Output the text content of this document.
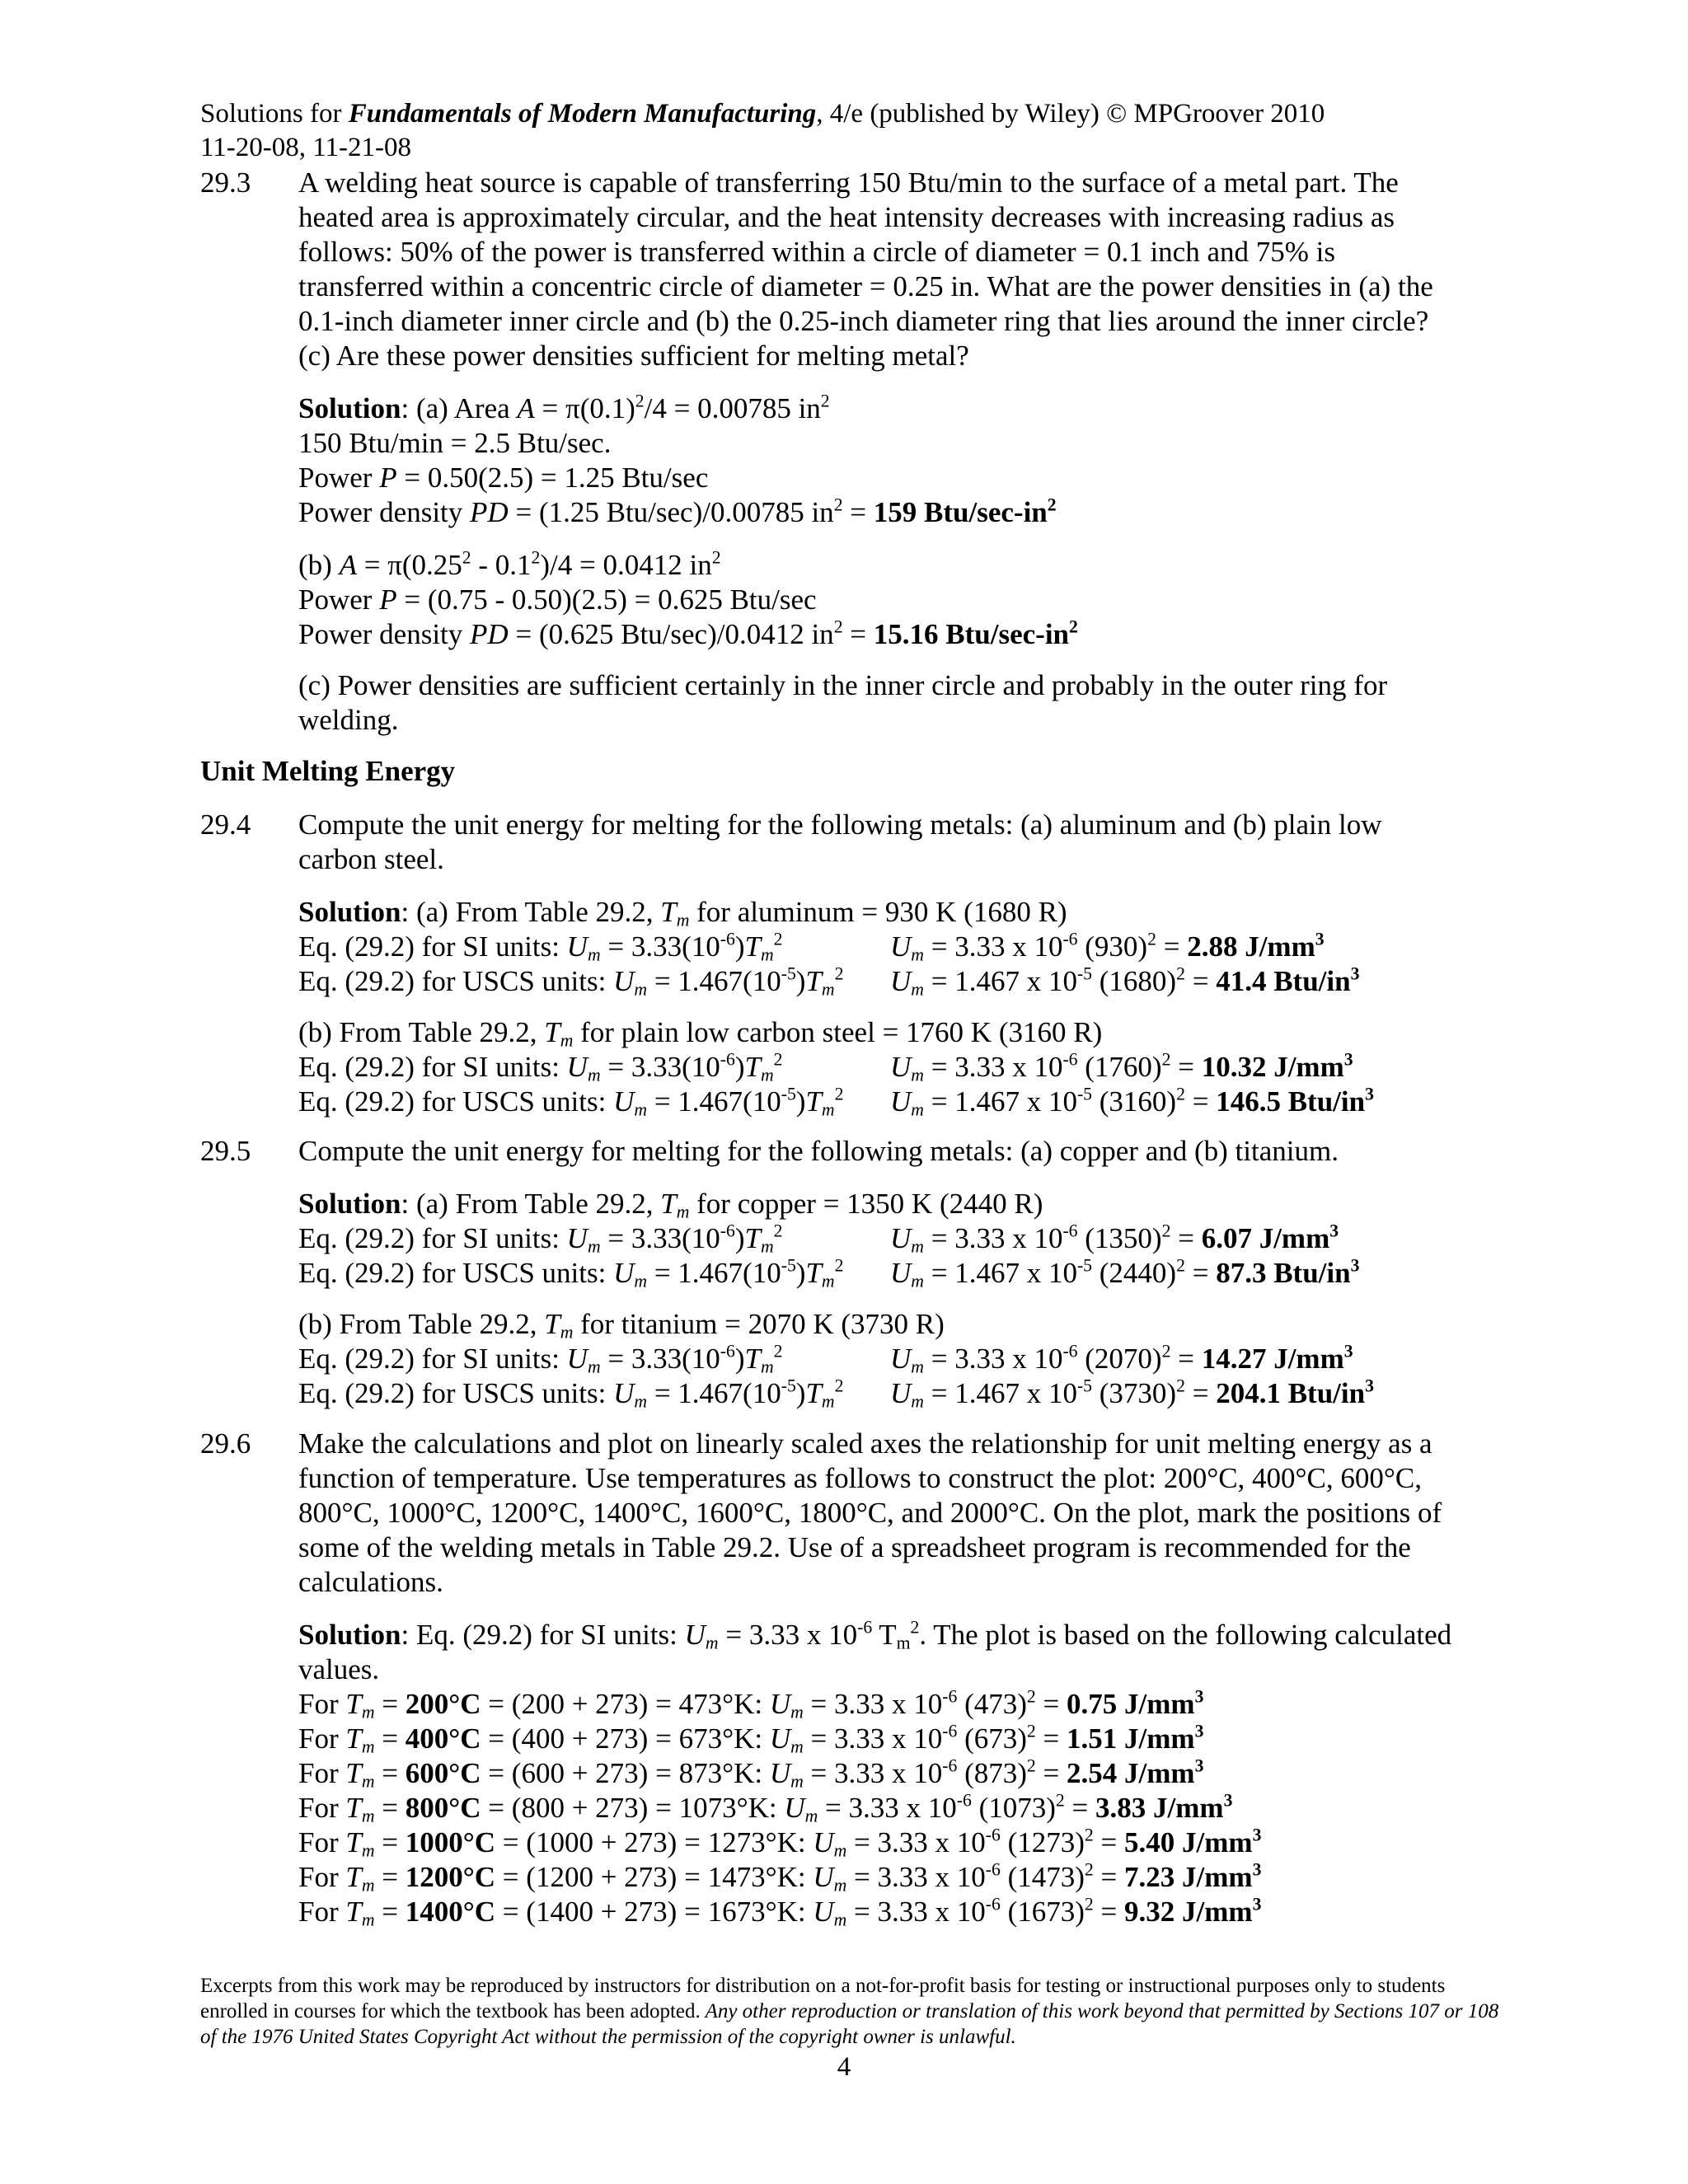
Solutions for Fundamentals of Modern Manufacturing, 4/e (published by Wiley) © MPGroover 2010
11-20-08, 11-21-08
29.3 A welding heat source is capable of transferring 150 Btu/min to the surface of a metal part. The
heated area is approximately circular, and the heat intensity decreases with increasing radius as
follows: 50% of the power is transferred within a circle of diameter = 0.1 inch and 75% is
transferred within a concentric circle of diameter = 0.25 in. What are the power densities in (a) the
0.1-inch diameter inner circle and (b) the 0.25-inch diameter ring that lies around the inner circle?
(c) Are these power densities sufficient for melting metal?
Solution: (a) Area $A = \pi(0.1)^2/4 = 0.00785$ $in^2$
150 Btu/min = 2.5 Btu/sec.
Power P = 0.50(2.5) = 1.25 Btu/sec
Power density PD = (1.25 Btu/sec)/0.00785 $in^2 = 159$ Btu/$\sec-in^2$
(b) $A = \pi(0.25^2 - 0.1^2)/4 = 0.0412$ $in^2$
Power P = (0.75 - 0.50)(2.5) = 0.625 Btu/sec
Power density PD = (0.625 Btu/sec)/0.0412 $in^2 = 15.16$ Btu/$\sec-in^2$
(c) Power densities are sufficient certainly in the inner circle and probably in the outer ring for
welding.
Unit Melting Energy
29.4 Compute the unit energy for melting for the following metals: (a) aluminum and (b) plain low
carbon steel.
Solution: (a) From Table 29.2, $T_m$ for aluminum = 930 K (1680 R)
Eq. (29.2) for SI units: $U_m = 3.33(10^{-6})T_m^2$	$U_m = 3.33$ x $10^{-6}$ $(930)^2 = 2.88$ $J/mm^3$
Eq. (29.2) for USCS units: $U_m = 1.467(10^{-5})T_m^2$ $U_m = 1.467$ x $10^{-5}$ $(1680)^2 = 41.4$ Btu/$in^3$
(b) From Table 29.2, $T_m$ for plain low carbon steel = 1760 K (3160 R)
Eq. (29.2) for SI units: $U_m = 3.33(10^{-6})T_m^2$	$U_m = 3.33$ x $10^{-6}$ $(1760)^2 = 10.32$ $J/mm^3$
Eq. (29.2) for USCS units: $U_m = 1.467(10^{-5})T_m^2$ $U_m = 1.467$ x $10^{-5}$ $(3160)^2 = 146.5$ Btu/$in^3$
29.5 Compute the unit energy for melting for the following metals: (a) copper and (b) titanium.
Solution: (a) From Table 29.2, $T_m$ for copper = 1350 K (2440 R)
Eq. (29.2) for SI units: $U_m = 3.33(10^{-6})T_m^2$	$U_m = 3.33$ x $10^{-6}$ $(1350)^2 = 6.07$ $J/mm^3$
Eq. (29.2) for USCS units: $U_m = 1.467(10^{-5})T_m^2$ $U_m = 1.467$ x $10^{-5}$ $(2440)^2 = 87.3$ Btu/$in^3$
(b) From Table 29.2, $T_m$ for titanium = 2070 K (3730 R)
Eq. (29.2) for SI units: $U_m = 3.33(10^{-6})T_m^2$	$U_m = 3.33$ x $10^{-6}$ $(2070)^2 = 14.27$ $J/mm^3$
Eq. (29.2) for USCS units: $U_m = 1.467(10^{-5})T_m^2$ $U_m = 1.467$ x $10^{-5}$ $(3730)^2 = 204.1$ Btu/$in^3$
29.6 Make the calculations and plot on linearly scaled axes the relationship for unit melting energy as a
function of temperature. Use temperatures as follows to construct the plot: 200°C, 400°C, 600°C,
800°C, 1000°C, 1200°C, 1400°C, 1600°C, 1800°C, and 2000°C. On the plot, mark the positions of
some of the welding metals in Table 29.2. Use of a spreadsheet program is recommended for the
calculations.
Solution: Eq. (29.2) for SI units: $U_m = 3.33$ x $10^{-6}$ $T_m^2$. The plot is based on the following calculated
values.
For $T_m = 200^\circ C = (200 + 273) = 473^\circ K$: $U_m = 3.33$ x $10^{-6}$ $(473)^2 = 0.75$ $J/mm^3$
For $T_m = 400^\circ C = (400 + 273) = 673^\circ K$: $U_m = 3.33$ x $10^{-6}$ $(673)^2 = 1.51$ $J/mm^3$
For $T_m = 600^\circ C = (600 + 273) = 873^\circ K$: $U_m = 3.33$ x $10^{-6}$ $(873)^2 = 2.54$ $J/mm^3$
For $T_m = 800^\circ C = (800 + 273) = 1073^\circ K$: $U_m = 3.33$ x $10^{-6}$ $(1073)^2 = 3.83$ $J/mm^3$
For $T_m = 1000^\circ C = (1000 + 273) = 1273^\circ K$: $U_m = 3.33$ x $10^{-6}$ $(1273)^2 = 5.40$ $J/mm^3$
For $T_m = 1200^\circ C = (1200 + 273) = 1473^\circ K$: $U_m = 3.33$ x $10^{-6}$ $(1473)^2 = 7.23$ $J/mm^3$
For $T_m = 1400^\circ C = (1400 + 273) = 1673^\circ K$: $U_m = 3.33$ x $10^{-6}$ $(1673)^2 = 9.32$ $J/mm^3$
Excerpts from this work may be reproduced by instructors for distribution on a not-for-profit basis for testing or instructional purposes only to students enrolled in courses for which the textbook has been adopted. Any other reproduction or translation of this work beyond that permitted by Sections 107 or 108 of the 1976 United States Copyright Act without the permission of the copyright owner is unlawful.
4
